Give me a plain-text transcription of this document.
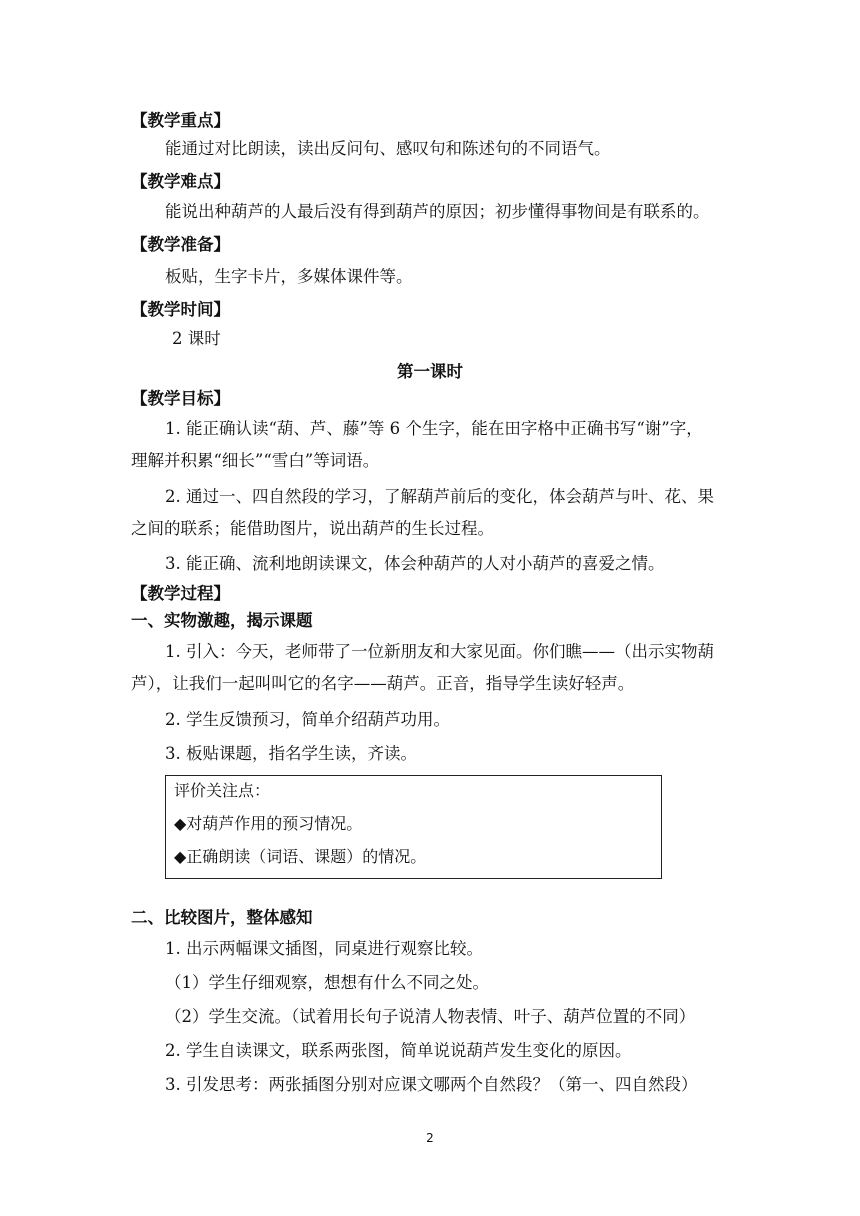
【教学重点】
能通过对比朗读，读出反问句、感叹句和陈述句的不同语气。
【教学难点】
能说出种葫芦的人最后没有得到葫芦的原因；初步懂得事物间是有联系的。
【教学准备】
板贴，生字卡片，多媒体课件等。
【教学时间】
2 课时
第一课时
【教学目标】
1. 能正确认读“葫、芦、藤”等 6 个生字，能在田字格中正确书写“谢”字，
理解并积累“细长”“雪白”等词语。
2. 通过一、四自然段的学习，了解葫芦前后的变化，体会葫芦与叶、花、果
之间的联系；能借助图片，说出葫芦的生长过程。
3. 能正确、流利地朗读课文，体会种葫芦的人对小葫芦的喜爱之情。
【教学过程】
一、实物激趣，揭示课题
1. 引入：今天，老师带了一位新朋友和大家见面。你们瞧——（出示实物葫
芦），让我们一起叫叫它的名字——葫芦。正音，指导学生读好轻声。
2. 学生反馈预习，简单介绍葫芦功用。
3. 板贴课题，指名学生读，齐读。
评价关注点：
◆对葫芦作用的预习情况。
◆正确朗读（词语、课题）的情况。
二、比较图片，整体感知
1. 出示两幅课文插图，同桌进行观察比较。
（1）学生仔细观察，想想有什么不同之处。
（2）学生交流。（试着用长句子说清人物表情、叶子、葫芦位置的不同）
2. 学生自读课文，联系两张图，简单说说葫芦发生变化的原因。
3. 引发思考：两张插图分别对应课文哪两个自然段？（第一、四自然段）
2
